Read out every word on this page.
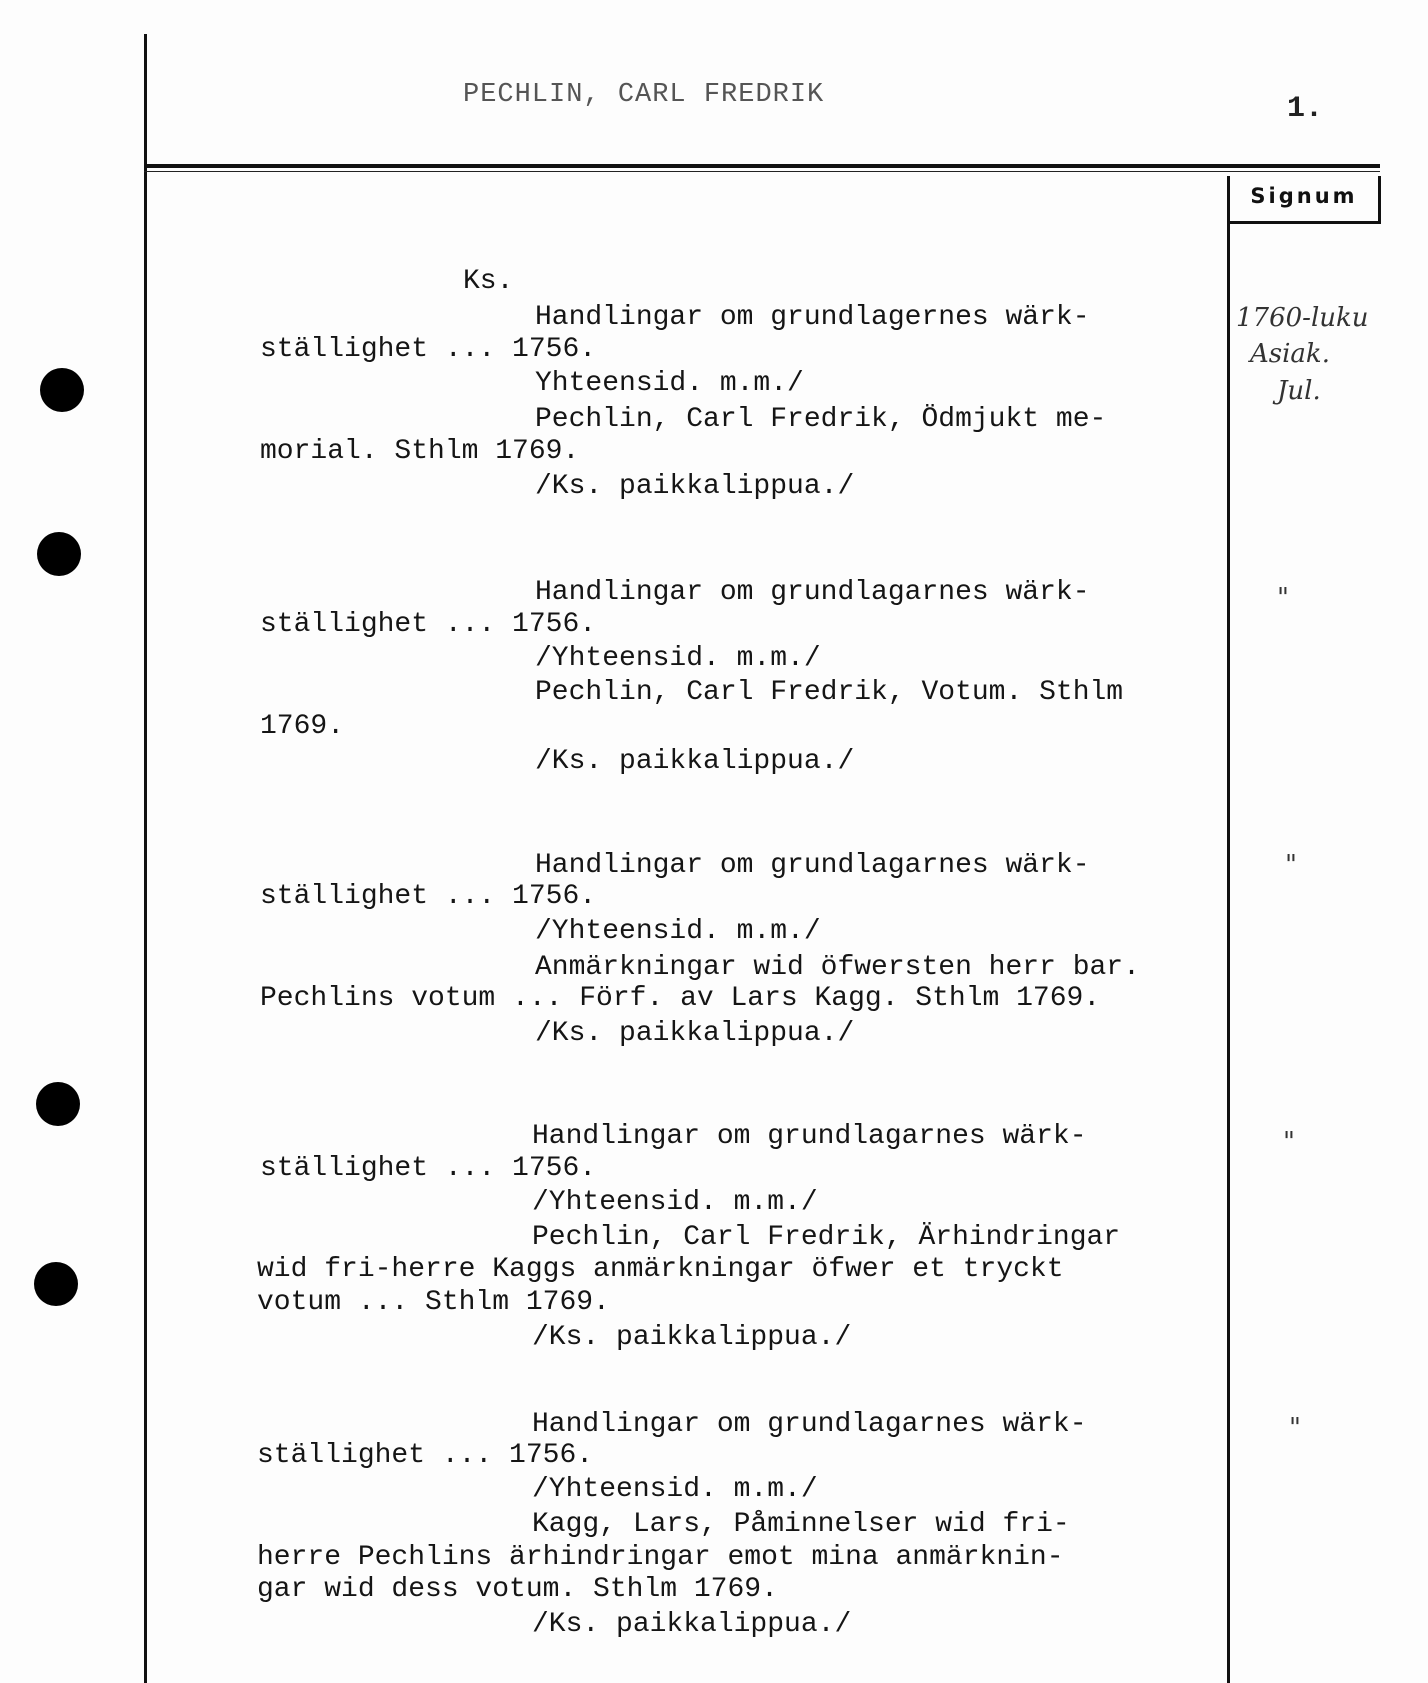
Signum
PECHLIN, CARL FREDRIK	1.
Ks.
Handlingar om grundlagernes wärk-
ställighet ... 1756.
Yhteensid. m.m./
Pechlin, Carl Fredrik, Ödmjukt me-
morial. Sthlm 1769.
/Ks. paikkalippua./
Handlingar om grundlagarnes wärk-
ställighet ... 1756.
/Yhteensid. m.m./
Pechlin, Carl Fredrik, Votum. Sthlm
1769.
/Ks. paikkalippua./
Handlingar om grundlagarnes wärk-
ställighet ... 1756.
/Yhteensid. m.m./
Anmärkningar wid öfwersten herr bar.
Pechlins votum ... Förf. av Lars Kagg. Sthlm 1769.
/Ks. paikkalippua./
Handlingar om grundlagarnes wärk-
ställighet ... 1756.
/Yhteensid. m.m./
Pechlin, Carl Fredrik, Ärhindringar
wid fri-herre Kaggs anmärkningar öfwer et tryckt
votum ... Sthlm 1769.
/Ks. paikkalippua./
Handlingar om grundlagarnes wärk-
ställighet ... 1756.
/Yhteensid. m.m./
Kagg, Lars, Påminnelser wid fri-
herre Pechlins ärhindringar emot mina anmärknin-
gar wid dess votum. Sthlm 1769.
/Ks. paikkalippua./
1760-luku
Asiak.
Jul.
"
"
"
"
